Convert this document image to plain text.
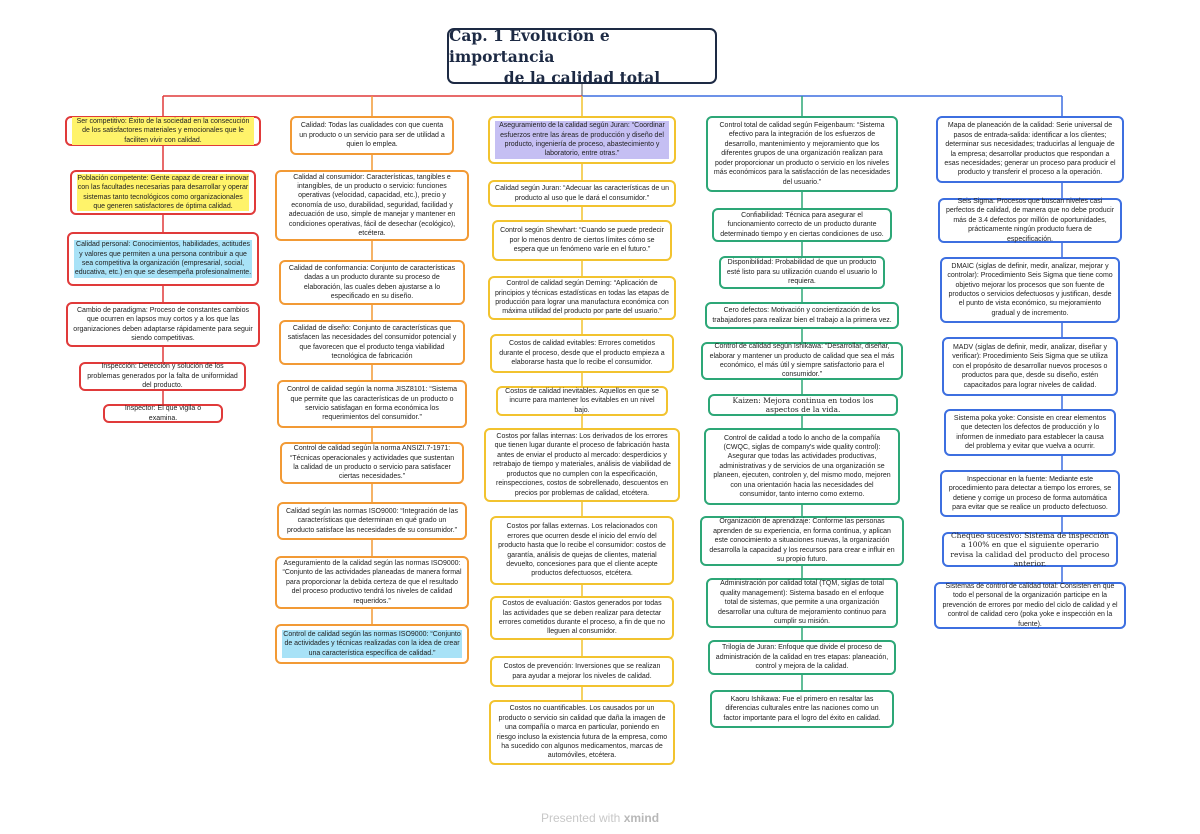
Cap. 1 Evolución e importancia
de la calidad total
Ser competitivo: Éxito de la sociedad en la consecución de los satisfactores materiales y emocionales que le faciliten vivir con calidad.
Población competente: Gente capaz de crear e innovar con las facultades necesarias para desarrollar y operar sistemas tanto tecnológicos como organizacionales que generen satisfactores de óptima calidad.
Calidad personal: Conocimientos, habilidades, actitudes y valores que permiten a una persona contribuir a que sea competitiva la organización (empresarial, social, educativa, etc.) en que se desempeña profesionalmente.
Cambio de paradigma: Proceso de constantes cambios que ocurren en lapsos muy cortos y a los que las organizaciones deben adaptarse rápidamente para seguir siendo competitivas.
Inspección: Detección y solución de los problemas generados por la falta de uniformidad del producto.
Inspector: El que vigila o examina.
Calidad: Todas las cualidades con que cuenta un producto o un servicio para ser de utilidad a quien lo emplea.
Calidad al consumidor: Características, tangibles e intangibles, de un producto o servicio: funciones operativas (velocidad, capacidad, etc.), precio y economía de uso, durabilidad, seguridad, facilidad y adecuación de uso, simple de manejar y mantener en condiciones operativas, fácil de desechar (ecológico), etcétera.
Calidad de conformancia: Conjunto de características dadas a un producto durante su proceso de elaboración, las cuales deben ajustarse a lo especificado en su diseño.
Calidad de diseño: Conjunto de características que satisfacen las necesidades del consumidor potencial y que favorecen que el producto tenga viabilidad tecnológica de fabricación
Control de calidad según la norma JISZ8101: “Sistema que permite que las características de un producto o servicio satisfagan en forma económica los requerimientos del consumidor.”
Control de calidad según la norma ANSIZI.7-1971: “Técnicas operacionales y actividades que sustentan la calidad de un producto o servicio para satisfacer ciertas necesidades.”
Calidad según las normas ISO9000: “Integración de las características que determinan en qué grado un producto satisface las necesidades de su consumidor.”
Aseguramiento de la calidad según las normas ISO9000: “Conjunto de las actividades planeadas de manera formal para proporcionar la debida certeza de que el resultado del proceso productivo tendrá los niveles de calidad requeridos.”
Control de calidad según las normas ISO9000: “Conjunto de actividades y técnicas realizadas con la idea de crear una característica específica de calidad.”
Aseguramiento de la calidad según Juran: “Coordinar esfuerzos entre las áreas de producción y diseño del producto, ingeniería de proceso, abastecimiento y laboratorio, entre otras.”
Calidad según Juran: “Adecuar las características de un producto al uso que le dará el consumidor.”
Control según Shewhart: “Cuando se puede predecir por lo menos dentro de ciertos límites cómo se espera que un fenómeno varíe en el futuro.”
Control de calidad según Deming: “Aplicación de principios y técnicas estadísticas en todas las etapas de producción para lograr una manufactura económica con máxima utilidad del producto por parte del usuario.”
Costos de calidad evitables: Errores cometidos durante el proceso, desde que el producto empieza a elaborarse hasta que lo recibe el consumidor.
Costos de calidad inevitables. Aquellos en que se incurre para mantener los evitables en un nivel bajo.
Costos por fallas internas: Los derivados de los errores que tienen lugar durante el proceso de fabricación hasta antes de enviar el producto al mercado: desperdicios y retrabajo de tiempo y materiales, análisis de viabilidad de productos que no cumplen con la especificación, reinspecciones, costos de sobrellenado, descuentos en precios por problemas de calidad, etcétera.
Costos por fallas externas. Los relacionados con errores que ocurren desde el inicio del envío del producto hasta que lo recibe el consumidor: costos de garantía, análisis de quejas de clientes, material devuelto, concesiones para que el cliente acepte productos defectuosos, etcétera.
Costos de evaluación: Gastos generados por todas las actividades que se deben realizar para detectar errores cometidos durante el proceso, a fin de que no lleguen al consumidor.
Costos de prevención: Inversiones que se realizan para ayudar a mejorar los niveles de calidad.
Costos no cuantificables. Los causados por un producto o servicio sin calidad que daña la imagen de una compañía o marca en particular, poniendo en riesgo incluso la existencia futura de la empresa, como ha sucedido con algunos medicamentos, marcas de automóviles, etcétera.
Control total de calidad según Feigenbaum: “Sistema efectivo para la integración de los esfuerzos de desarrollo, mantenimiento y mejoramiento que los diferentes grupos de una organización realizan para poder proporcionar un producto o servicio en los niveles más económicos para la satisfacción de las necesidades del usuario.”
Confiabilidad: Técnica para asegurar el funcionamiento correcto de un producto durante determinado tiempo y en ciertas condiciones de uso.
Disponibilidad: Probabilidad de que un producto esté listo para su utilización cuando el usuario lo requiera.
Cero defectos: Motivación y concientización de los trabajadores para realizar bien el trabajo a la primera vez.
Control de calidad según Ishikawa: “Desarrollar, diseñar, elaborar y mantener un producto de calidad que sea el más económico, el más útil y siempre satisfactorio para el consumidor.”
Kaizen: Mejora continua en todos los aspectos de la vida.
Control de calidad a todo lo ancho de la compañía (CWQC, siglas de company's wide quality control): Asegurar que todas las actividades productivas, administrativas y de servicios de una organización se planeen, ejecuten, controlen y, del mismo modo, mejoren con una orientación hacia las necesidades del consumidor, tanto interno como externo.
Organización de aprendizaje: Conforme las personas aprenden de su experiencia, en forma continua, y aplican este conocimiento a situaciones nuevas, la organización desarrolla la capacidad y los recursos para crear e influir en su propio futuro.
Administración por calidad total (TQM, siglas de total quality management): Sistema basado en el enfoque total de sistemas, que permite a una organización desarrollar una cultura de mejoramiento continuo para cumplir su misión.
Trilogía de Juran: Enfoque que divide el proceso de administración de la calidad en tres etapas: planeación, control y mejora de la calidad.
Kaoru Ishikawa: Fue el primero en resaltar las diferencias culturales entre las naciones como un factor importante para el logro del éxito en calidad.
Mapa de planeación de la calidad: Serie universal de pasos de entrada-salida: identificar a los clientes; determinar sus necesidades; traducirlas al lenguaje de la empresa; desarrollar productos que respondan a esas necesidades; generar un proceso para producir el producto y transferir el proceso a la operación.
Seis Sigma: Procesos que buscan niveles casi perfectos de calidad, de manera que no debe producir más de 3.4 defectos por millón de oportunidades, prácticamente ningún producto fuera de especificación.
DMAIC (siglas de definir, medir, analizar, mejorar y controlar): Procedimiento Seis Sigma que tiene como objetivo mejorar los procesos que son fuente de productos o servicios defectuosos y justifican, desde el punto de vista económico, su mejoramiento gradual y de incremento.
MADV (siglas de definir, medir, analizar, diseñar y verificar): Procedimiento Seis Sigma que se utiliza con el propósito de desarrollar nuevos procesos o productos para que, desde su diseño, estén capacitados para lograr niveles de calidad.
Sistema poka yoke: Consiste en crear elementos que detecten los defectos de producción y lo informen de inmediato para establecer la causa del problema y evitar que vuelva a ocurrir.
Inspeccionar en la fuente: Mediante este procedimiento para detectar a tiempo los errores, se detiene y corrige un proceso de forma automática para evitar que se realice un producto defectuoso.
Chequeo sucesivo: Sistema de inspección a 100% en que el siguiente operario revisa la calidad del producto del proceso anterior.
Sistemas de control de calidad total: Consisten en que todo el personal de la organización participe en la prevención de errores por medio del ciclo de calidad y el control de calidad cero (poka yoke e inspección en la fuente).
Presented with xmind
